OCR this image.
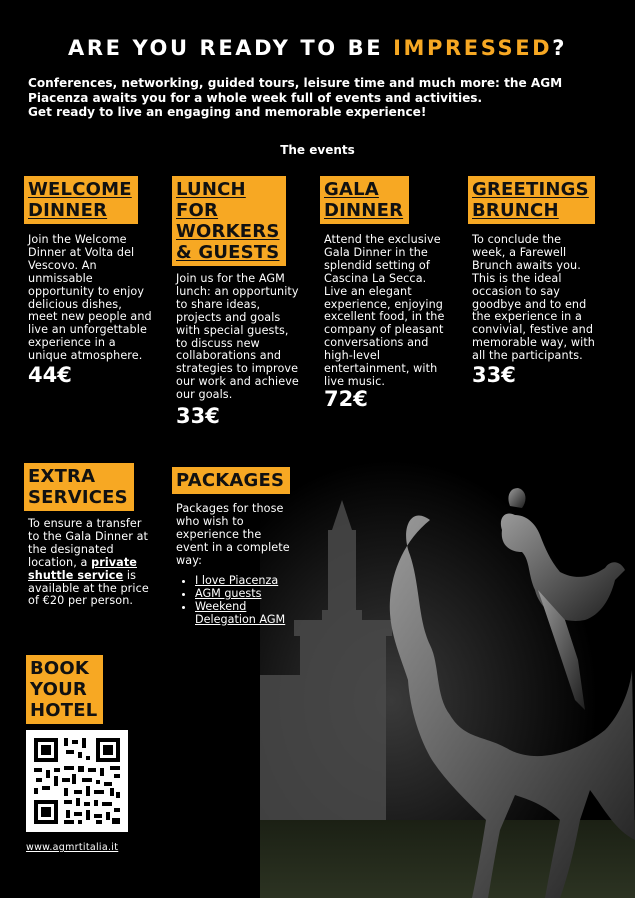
ARE YOU READY TO BE IMPRESSED?
Conferences, networking, guided tours, leisure time and much more: the AGM
Piacenza awaits you for a whole week full of events and activities.
Get ready to live an engaging and memorable experience!
The events
WELCOME
DINNER
Join the Welcome
Dinner at Volta del
Vescovo. An
unmissable
opportunity to enjoy
delicious dishes,
meet new people and
live an unforgettable
experience in a
unique atmosphere.
44€
LUNCH
FOR
WORKERS
& GUESTS
Join us for the AGM
lunch: an opportunity
to share ideas,
projects and goals
with special guests,
to discuss new
collaborations and
strategies to improve
our work and achieve
our goals.
33€
GALA
DINNER
Attend the exclusive
Gala Dinner in the
splendid setting of
Cascina La Secca.
Live an elegant
experience, enjoying
excellent food, in the
company of pleasant
conversations and
high-level
entertainment, with
live music.
72€
GREETINGS
BRUNCH
To conclude the
week, a Farewell
Brunch awaits you.
This is the ideal
occasion to say
goodbye and to end
the experience in a
convivial, festive and
memorable way, with
all the participants.
33€
EXTRA
SERVICES
To ensure a transfer
to the Gala Dinner at
the designated
location, a private
shuttle service is
available at the price
of €20 per person.
PACKAGES
Packages for those
who wish to
experience the
event in a complete
way:
• I love Piacenza
• AGM guests
• Weekend
Delegation AGM
BOOK
YOUR
HOTEL
www.agmrtitalia.it
